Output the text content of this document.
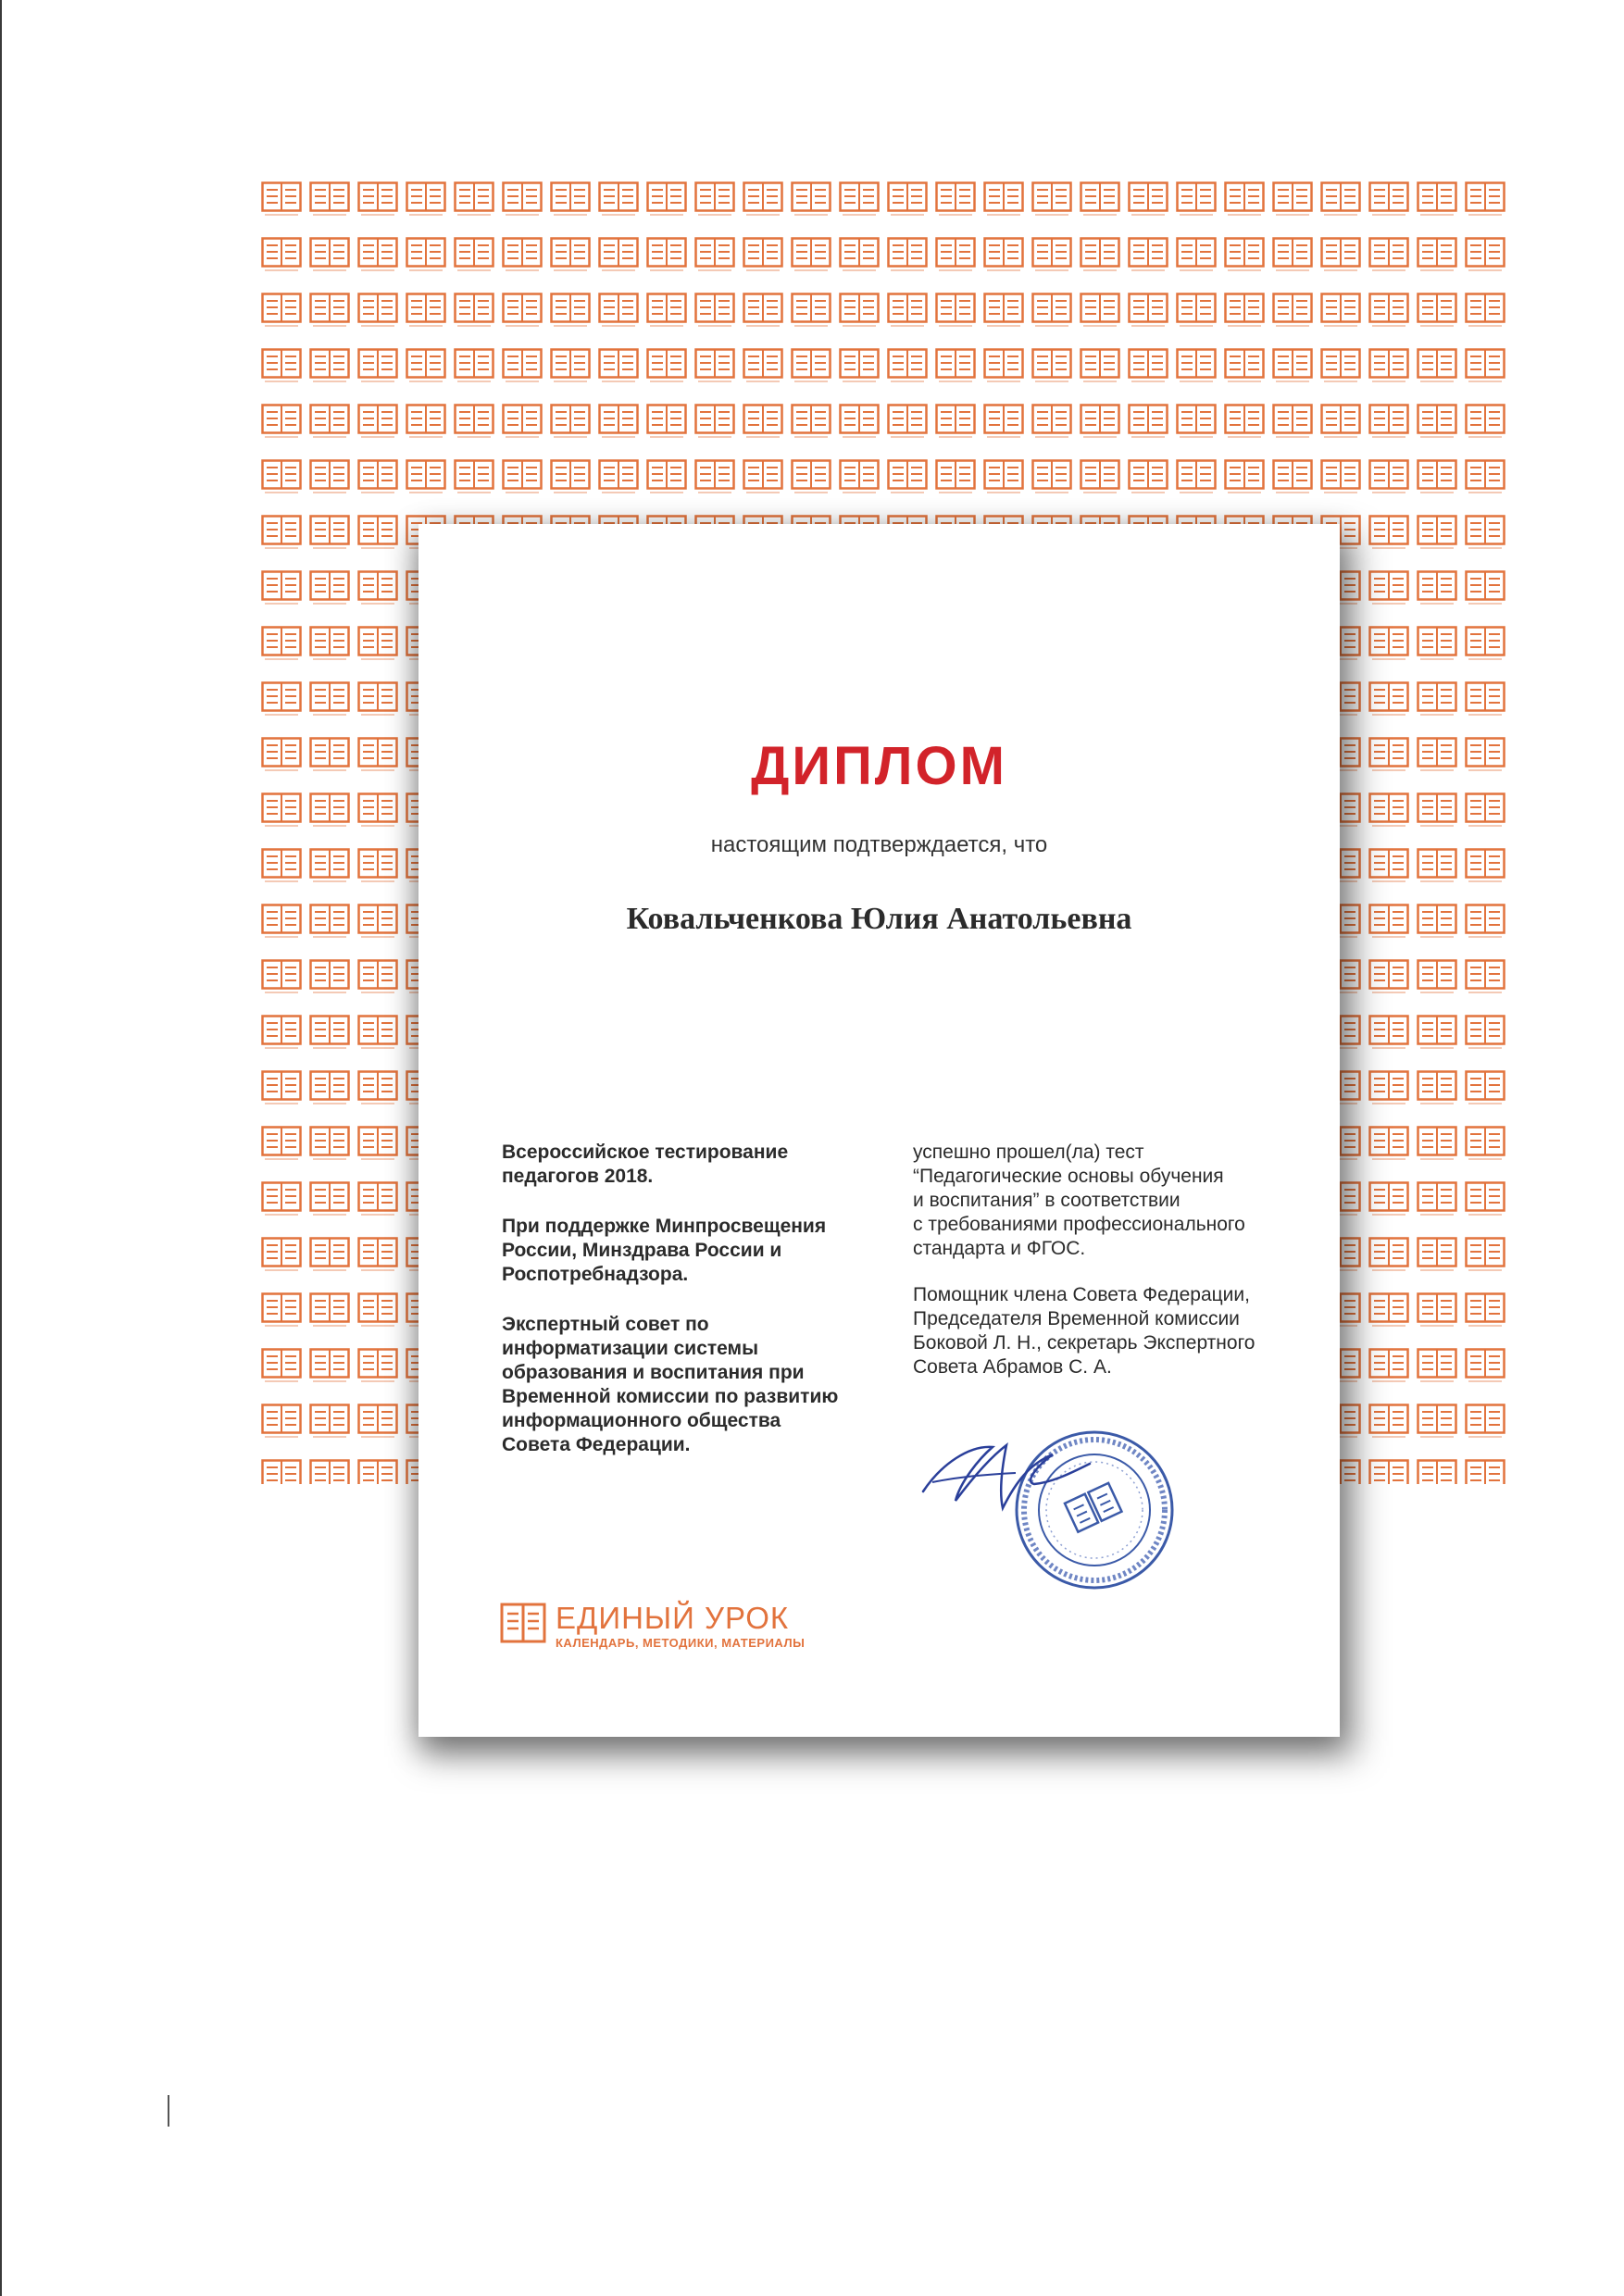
ДИПЛОМ
настоящим подтверждается, что
Ковальченкова Юлия Анатольевна

Всероссийское тестирование
педагогов 2018.

При поддержке Минпросвещения
России, Минздрава России и
Роспотребнадзора.

Экспертный совет по
информатизации системы
образования и воспитания при
Временной комиссии по развитию
информационного общества
Совета Федерации.

успешно прошел(ла) тест
“Педагогические основы обучения
и воспитания” в соответствии
с требованиями профессионального
стандарта и ФГОС.

Помощник члена Совета Федерации,
Председателя Временной комиссии
Боковой Л. Н., секретарь Экспертного
Совета Абрамов С. А.

ЕДИНЫЙ УРОК
КАЛЕНДАРЬ, МЕТОДИКИ, МАТЕРИАЛЫ
